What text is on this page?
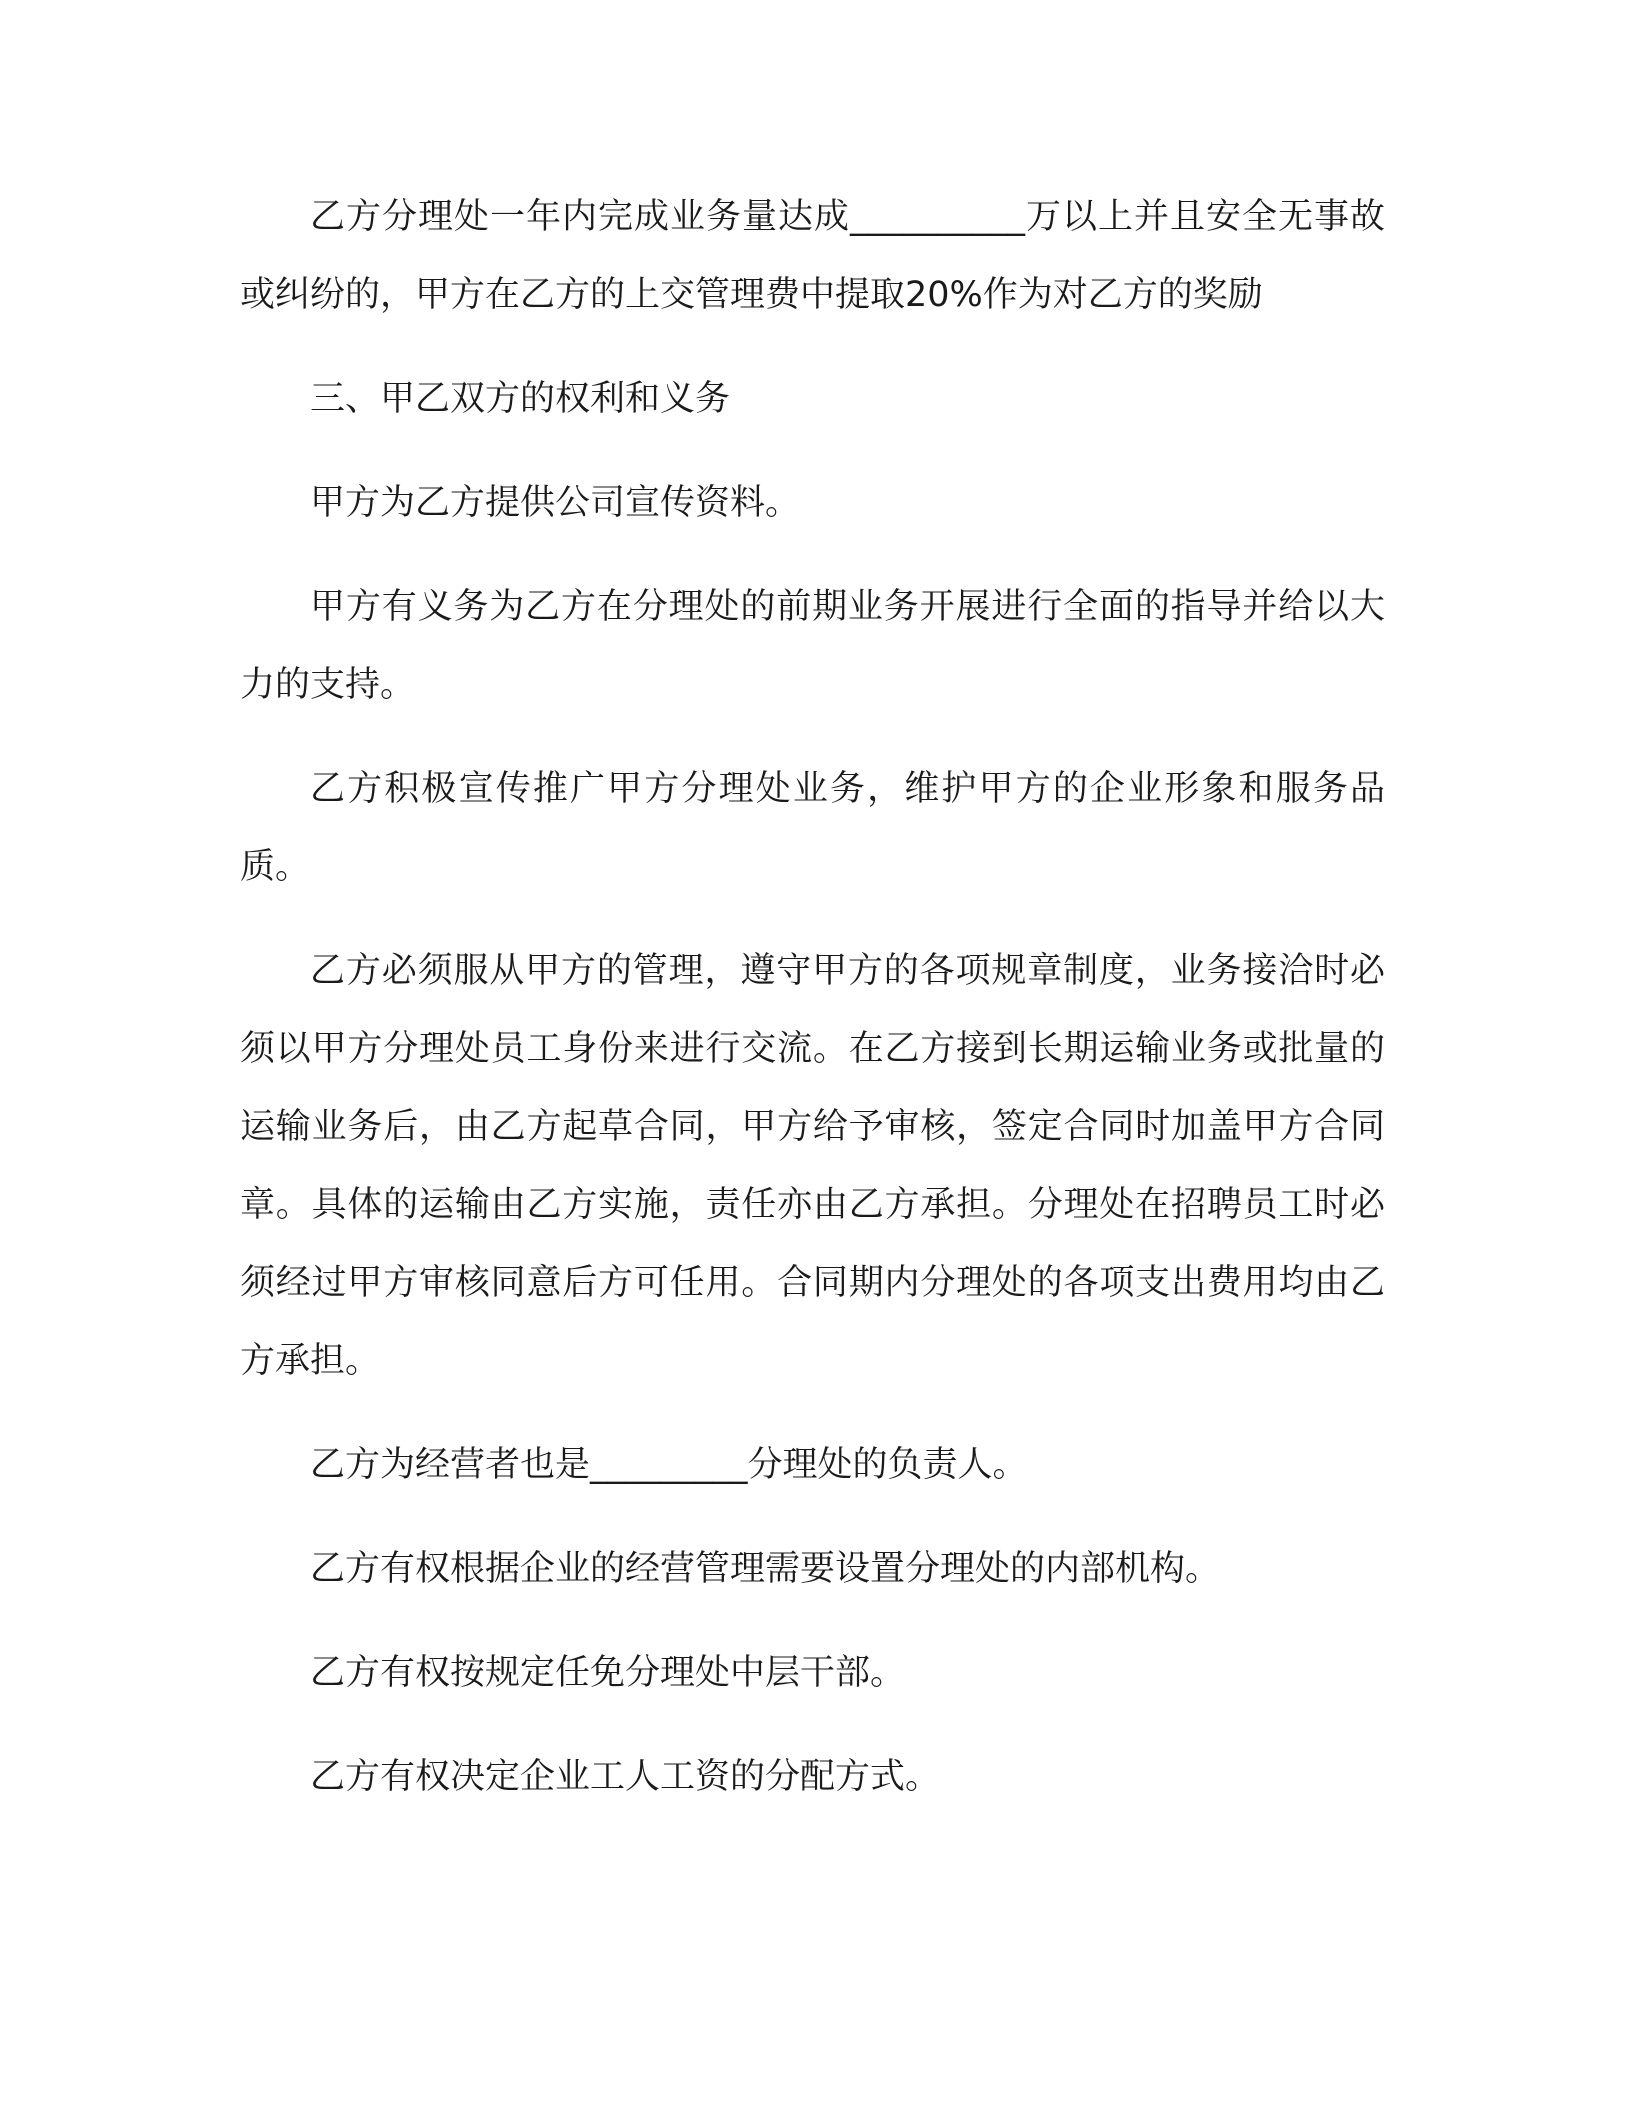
乙方分理处一年内完成业务量达成__________万以上并且安全无事故或纠纷的，甲方在乙方的上交管理费中提取20%作为对乙方的奖励

三、甲乙双方的权利和义务

甲方为乙方提供公司宣传资料。

甲方有义务为乙方在分理处的前期业务开展进行全面的指导并给以大力的支持。

乙方积极宣传推广甲方分理处业务，维护甲方的企业形象和服务品质。

乙方必须服从甲方的管理，遵守甲方的各项规章制度，业务接洽时必须以甲方分理处员工身份来进行交流。在乙方接到长期运输业务或批量的运输业务后，由乙方起草合同，甲方给予审核，签定合同时加盖甲方合同章。具体的运输由乙方实施，责任亦由乙方承担。分理处在招聘员工时必须经过甲方审核同意后方可任用。合同期内分理处的各项支出费用均由乙方承担。

乙方为经营者也是_________分理处的负责人。

乙方有权根据企业的经营管理需要设置分理处的内部机构。

乙方有权按规定任免分理处中层干部。

乙方有权决定企业工人工资的分配方式。
